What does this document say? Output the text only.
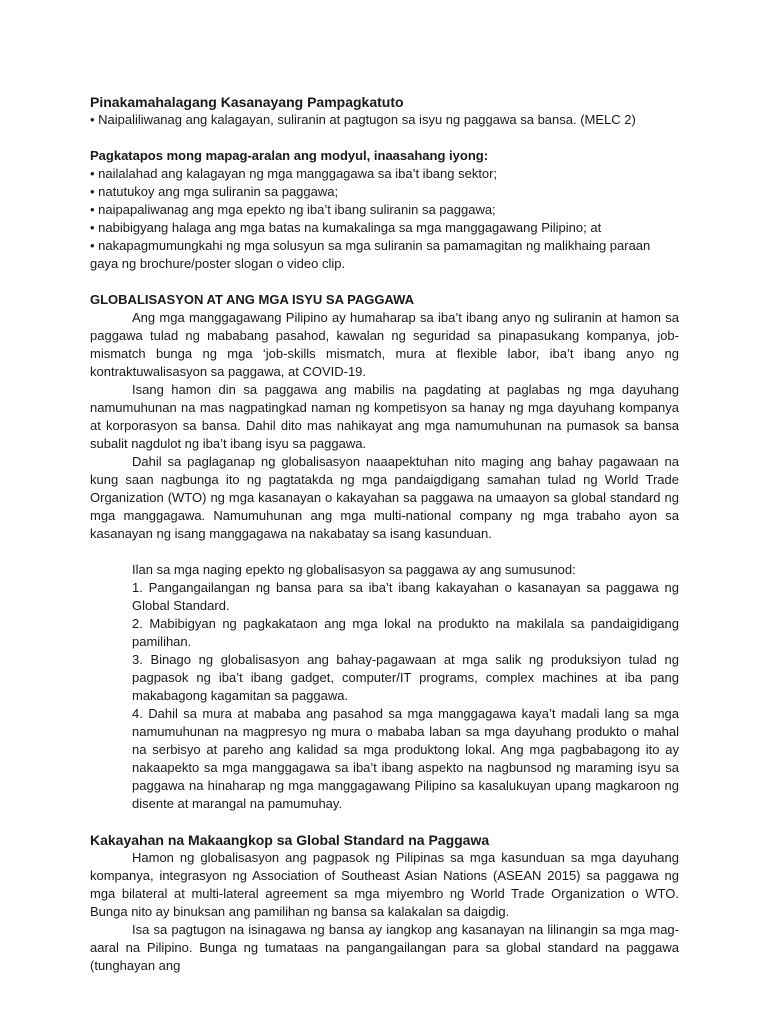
Pinakamahalagang Kasanayang Pampagkatuto

• Naipaliliwanag ang kalagayan, suliranin at pagtugon sa isyu ng paggawa sa bansa. (MELC 2)

Pagkatapos mong mapag-aralan ang modyul, inaasahang iyong:

• nailalahad ang kalagayan ng mga manggagawa sa iba’t ibang sektor;
• natutukoy ang mga suliranin sa paggawa;
• naipapaliwanag ang mga epekto ng iba’t ibang suliranin sa paggawa;
• nabibigyang halaga ang mga batas na kumakalinga sa mga manggagawang Pilipino; at
• nakapagmumungkahi ng mga solusyun sa mga suliranin sa pamamagitan ng malikhaing paraan gaya ng brochure/poster slogan o video clip.

GLOBALISASYON AT ANG MGA ISYU SA PAGGAWA

Ang mga manggagawang Pilipino ay humaharap sa iba’t ibang anyo ng suliranin at hamon sa paggawa tulad ng mababang pasahod, kawalan ng seguridad sa pinapasukang kompanya, job-mismatch bunga ng mga ‘job-skills mismatch, mura at flexible labor, iba’t ibang anyo ng kontraktuwalisasyon sa paggawa, at COVID-19.

Isang hamon din sa paggawa ang mabilis na pagdating at paglabas ng mga dayuhang namumuhunan na mas nagpatingkad naman ng kompetisyon sa hanay ng mga dayuhang kompanya at korporasyon sa bansa. Dahil dito mas nahikayat ang mga namumuhunan na pumasok sa bansa subalit nagdulot ng iba’t ibang isyu sa paggawa.

Dahil sa paglaganap ng globalisasyon naaapektuhan nito maging ang bahay pagawaan na kung saan nagbunga ito ng pagtatakda ng mga pandaigdigang samahan tulad ng World Trade Organization (WTO) ng mga kasanayan o kakayahan sa paggawa na umaayon sa global standard ng mga manggagawa. Namumuhunan ang mga multi-national company ng mga trabaho ayon sa kasanayan ng isang manggagawa na nakabatay sa isang kasunduan.

Ilan sa mga naging epekto ng globalisasyon sa paggawa ay ang sumusunod:

1. Pangangailangan ng bansa para sa iba’t ibang kakayahan o kasanayan sa paggawa ng Global Standard.

2. Mabibigyan ng pagkakataon ang mga lokal na produkto na makilala sa pandaigidigang pamilihan.

3. Binago ng globalisasyon ang bahay-pagawaan at mga salik ng produksiyon tulad ng pagpasok ng iba’t ibang gadget, computer/IT programs, complex machines at iba pang makabagong kagamitan sa paggawa.

4. Dahil sa mura at mababa ang pasahod sa mga manggagawa kaya’t madali lang sa mga namumuhunan na magpresyo ng mura o mababa laban sa mga dayuhang produkto o mahal na serbisyo at pareho ang kalidad sa mga produktong lokal. Ang mga pagbabagong ito ay nakaapekto sa mga manggagawa sa iba’t ibang aspekto na nagbunsod ng maraming isyu sa paggawa na hinaharap ng mga manggagawang Pilipino sa kasalukuyan upang magkaroon ng disente at marangal na pamumuhay.

Kakayahan na Makaangkop sa Global Standard na Paggawa

Hamon ng globalisasyon ang pagpasok ng Pilipinas sa mga kasunduan sa mga dayuhang kompanya, integrasyon ng Association of Southeast Asian Nations (ASEAN 2015) sa paggawa ng mga bilateral at multi-lateral agreement sa mga miyembro ng World Trade Organization o WTO. Bunga nito ay binuksan ang pamilihan ng bansa sa kalakalan sa daigdig.

Isa sa pagtugon na isinagawa ng bansa ay iangkop ang kasanayan na lilinangin sa mga mag-aaral na Pilipino. Bunga ng tumataas na pangangailangan para sa global standard na paggawa (tunghayan ang
